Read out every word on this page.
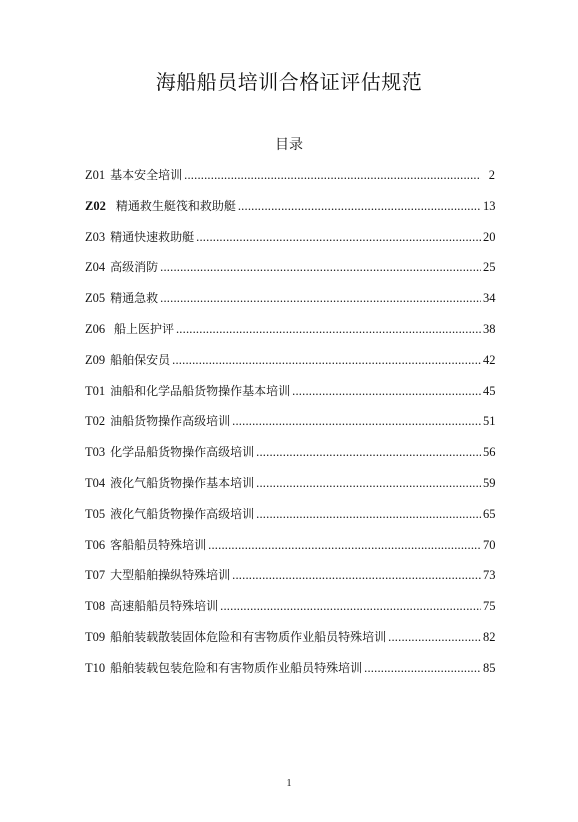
海船船员培训合格证评估规范
目录
Z01 基本安全培训 .....	2
Z02 精通救生艇筏和救助艇 .....	13
Z03 精通快速救助艇 .....	20
Z04 高级消防 .....	25
Z05 精通急救 .....	34
Z06 船上医护评 .....	38
Z09 船舶保安员 .....	42
T01 油船和化学品船货物操作基本培训 .....	45
T02 油船货物操作高级培训 .....	51
T03 化学品船货物操作高级培训 .....	56
T04 液化气船货物操作基本培训 .....	59
T05 液化气船货物操作高级培训 .....	65
T06 客船船员特殊培训 .....	70
T07 大型船舶操纵特殊培训 .....	73
T08 高速船船员特殊培训 .....	75
T09 船舶装载散装固体危险和有害物质作业船员特殊培训 .....	82
T10 船舶装载包装危险和有害物质作业船员特殊培训 .....	85
1
